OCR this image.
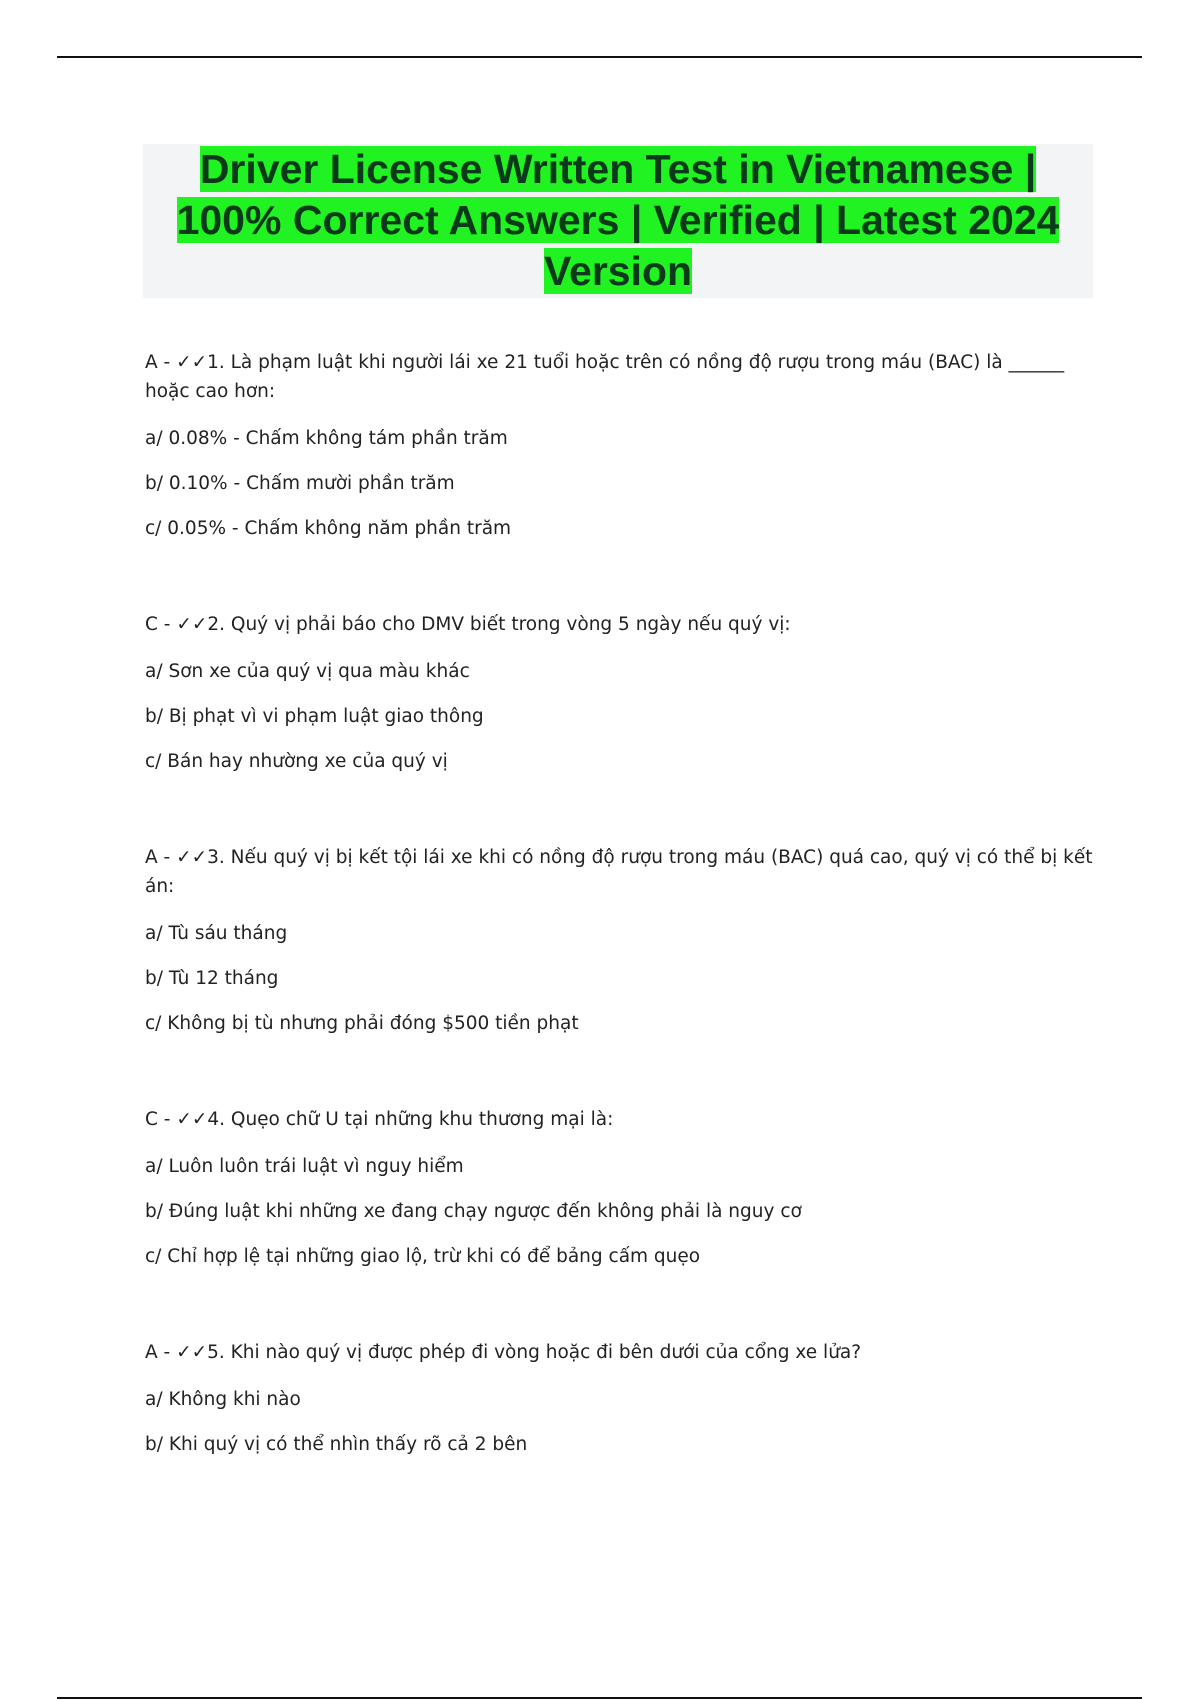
Driver License Written Test in Vietnamese | 100% Correct Answers | Verified | Latest 2024 Version

A - ✓✓1. Là phạm luật khi người lái xe 21 tuổi hoặc trên có nồng độ rượu trong máu (BAC) là ______ hoặc cao hơn:

a/ 0.08% - Chấm không tám phần trăm

b/ 0.10% - Chấm mười phần trăm

c/ 0.05% - Chấm không năm phần trăm

C - ✓✓2. Quý vị phải báo cho DMV biết trong vòng 5 ngày nếu quý vị:

a/ Sơn xe của quý vị qua màu khác

b/ Bị phạt vì vi phạm luật giao thông

c/ Bán hay nhường xe của quý vị

A - ✓✓3. Nếu quý vị bị kết tội lái xe khi có nồng độ rượu trong máu (BAC) quá cao, quý vị có thể bị kết án:

a/ Tù sáu tháng

b/ Tù 12 tháng

c/ Không bị tù nhưng phải đóng $500 tiền phạt

C - ✓✓4. Quẹo chữ U tại những khu thương mại là:

a/ Luôn luôn trái luật vì nguy hiểm

b/ Đúng luật khi những xe đang chạy ngược đến không phải là nguy cơ

c/ Chỉ hợp lệ tại những giao lộ, trừ khi có để bảng cấm quẹo

A - ✓✓5. Khi nào quý vị được phép đi vòng hoặc đi bên dưới của cổng xe lửa?

a/ Không khi nào

b/ Khi quý vị có thể nhìn thấy rõ cả 2 bên
